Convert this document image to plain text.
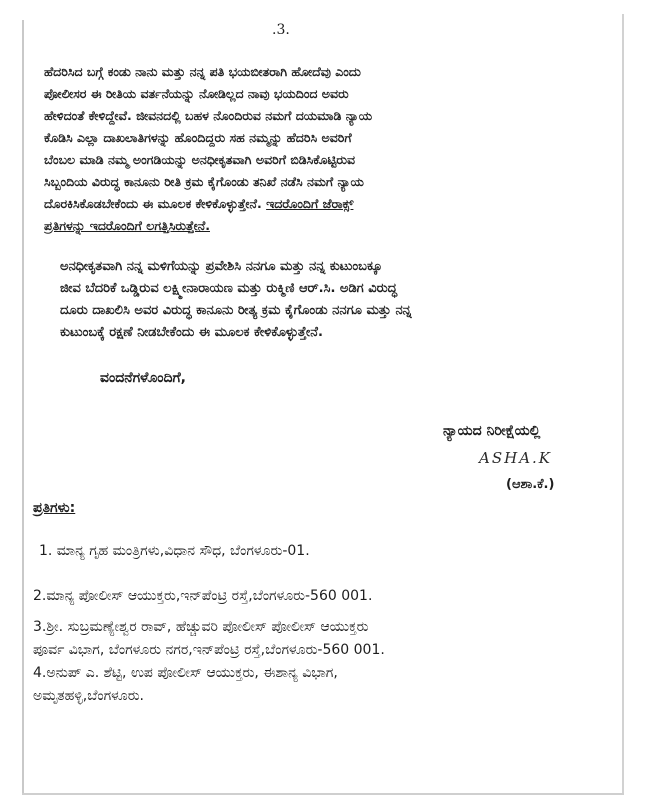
.3.

ಹೆದರಿಸಿದ ಬಗ್ಗೆ ಕಂಡು ನಾನು ಮತ್ತು ನನ್ನ ಪತಿ ಭಯಬೀತರಾಗಿ ಹೋದೆವು ಎಂದು
ಪೋಲೀಸರ ಈ ರೀತಿಯ ವರ್ತನೆಯನ್ನು ನೋಡಿಲ್ಲದ ನಾವು ಭಯದಿಂದ ಅವರು
ಹೇಳಿದಂತೆ ಕೇಳಿದ್ದೇವೆ. ಜೀವನದಲ್ಲಿ ಬಹಳ ನೊಂದಿರುವ ನಮಗೆ ದಯಮಾಡಿ ನ್ಯಾಯ
ಕೊಡಿಸಿ ಎಲ್ಲಾ ದಾಖಲಾತಿಗಳನ್ನು ಹೊಂದಿದ್ದರು ಸಹ ನಮ್ಮನ್ನು ಹೆದರಿಸಿ ಅವರಿಗೆ
ಬೆಂಬಲ ಮಾಡಿ ನಮ್ಮ ಅಂಗಡಿಯನ್ನು ಅನಧೀಕೃತವಾಗಿ ಅವರಿಗೆ ಬಿಡಿಸಿಕೊಟ್ಟಿರುವ
ಸಿಬ್ಬಂದಿಯ ವಿರುದ್ಧ ಕಾನೂನು ರೀತಿ ಕ್ರಮ ಕೈಗೊಂಡು ತನಿಖೆ ನಡೆಸಿ ನಮಗೆ ನ್ಯಾಯ
ದೊರಕಿಸಿಕೊಡಬೇಕೆಂದು ಈ ಮೂಲಕ ಕೇಳಿಕೊಳ್ಳುತ್ತೇನೆ. ಇದರೊಂದಿಗೆ ಜೆರಾಕ್ಸ್
ಪ್ರತಿಗಳನ್ನು ಇದರೊಂದಿಗೆ ಲಗತ್ತಿಸಿರುತ್ತೇನೆ.

ಅನಧೀಕೃತವಾಗಿ ನನ್ನ ಮಳಿಗೆಯನ್ನು ಪ್ರವೇಶಿಸಿ ನನಗೂ ಮತ್ತು ನನ್ನ ಕುಟುಂಬಕ್ಕೂ
ಜೀವ ಬೆದರಿಕೆ ಒಡ್ಡಿರುವ ಲಕ್ಷ್ಮೀನಾರಾಯಣ ಮತ್ತು ರುಕ್ಮಿಣಿ ಆರ್.ಸಿ. ಅಡಿಗ ವಿರುದ್ಧ
ದೂರು ದಾಖಲಿಸಿ ಅವರ ವಿರುದ್ಧ ಕಾನೂನು ರೀತ್ಯ ಕ್ರಮ ಕೈಗೊಂಡು ನನಗೂ ಮತ್ತು ನನ್ನ
ಕುಟುಂಬಕ್ಕೆ ರಕ್ಷಣೆ ನೀಡಬೇಕೆಂದು ಈ ಮೂಲಕ ಕೇಳಿಕೊಳ್ಳುತ್ತೇನೆ.

ವಂದನೆಗಳೊಂದಿಗೆ,
ನ್ಯಾಯದ ನಿರೀಕ್ಷೆಯಲ್ಲಿ
ASHA.K
(ಆಶಾ.ಕೆ.)
ಪ್ರತಿಗಳು:
1. ಮಾನ್ಯ ಗೃಹ ಮಂತ್ರಿಗಳು,ವಿಧಾನ ಸೌಧ, ಬೆಂಗಳೂರು-01.
2.ಮಾನ್ಯ ಪೋಲೀಸ್ ಆಯುಕ್ತರು,ಇನ್‌ಪೆಂಟ್ರಿ ರಸ್ತೆ,ಬೆಂಗಳೂರು-560 001.
3.ಶ್ರೀ. ಸುಬ್ರಮಣ್ಯೇಶ್ವರ ರಾವ್, ಹೆಚ್ಚುವರಿ ಪೋಲೀಸ್ ಪೋಲೀಸ್ ಆಯುಕ್ತರು
ಪೂರ್ವ ವಿಭಾಗ, ಬೆಂಗಳೂರು ನಗರ,ಇನ್‌ಪೆಂಟ್ರಿ ರಸ್ತೆ,ಬೆಂಗಳೂರು-560 001.
4.ಅನುಪ್ ಎ. ಶೆಟ್ಟಿ, ಉಪ ಪೋಲೀಸ್ ಆಯುಕ್ತರು, ಈಶಾನ್ಯ ವಿಭಾಗ,
ಅಮೃತಹಳ್ಳಿ,ಬೆಂಗಳೂರು.
